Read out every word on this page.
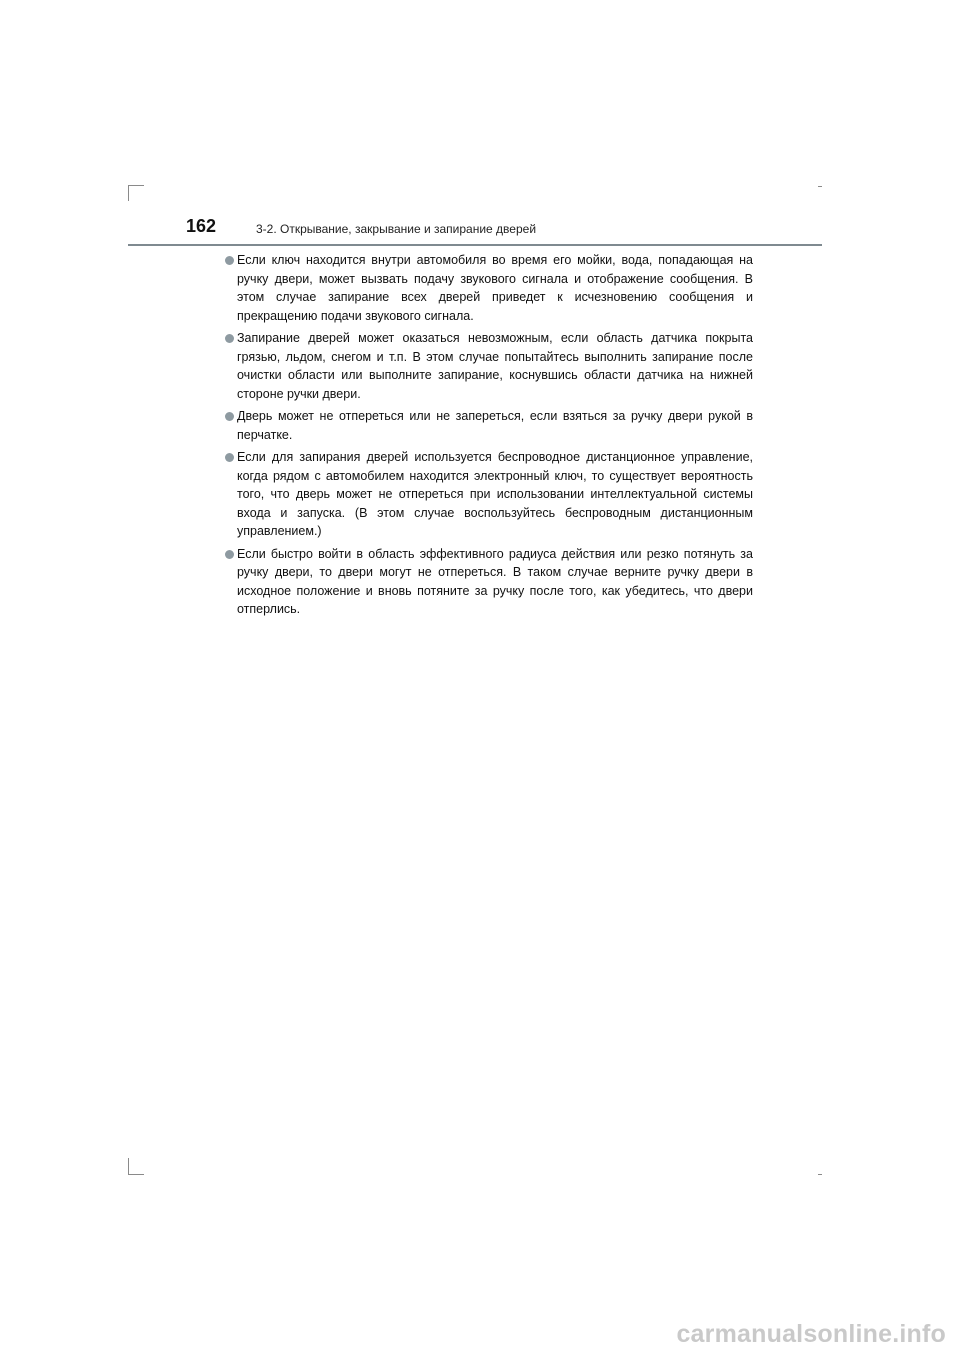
162	3-2. Открывание, закрывание и запирание дверей

Если ключ находится внутри автомобиля во время его мойки, вода, попадающая на ручку двери, может вызвать подачу звукового сигнала и отображение сообщения. В этом случае запирание всех дверей приведет к исчезновению сообщения и прекращению подачи звукового сигнала.

Запирание дверей может оказаться невозможным, если область датчика покрыта грязью, льдом, снегом и т.п. В этом случае попытайтесь выполнить запирание после очистки области или выполните запирание, коснувшись области датчика на нижней стороне ручки двери.

Дверь может не отпереться или не запереться, если взяться за ручку двери рукой в перчатке.

Если для запирания дверей используется беспроводное дистанционное управление, когда рядом с автомобилем находится электронный ключ, то существует вероятность того, что дверь может не отпереться при использовании интеллектуальной системы входа и запуска. (В этом случае воспользуйтесь беспроводным дистанционным управлением.)

Если быстро войти в область эффективного радиуса действия или резко потянуть за ручку двери, то двери могут не отпереться. В таком случае верните ручку двери в исходное положение и вновь потяните за ручку после того, как убедитесь, что двери отперлись.

carmanualsonline.info
